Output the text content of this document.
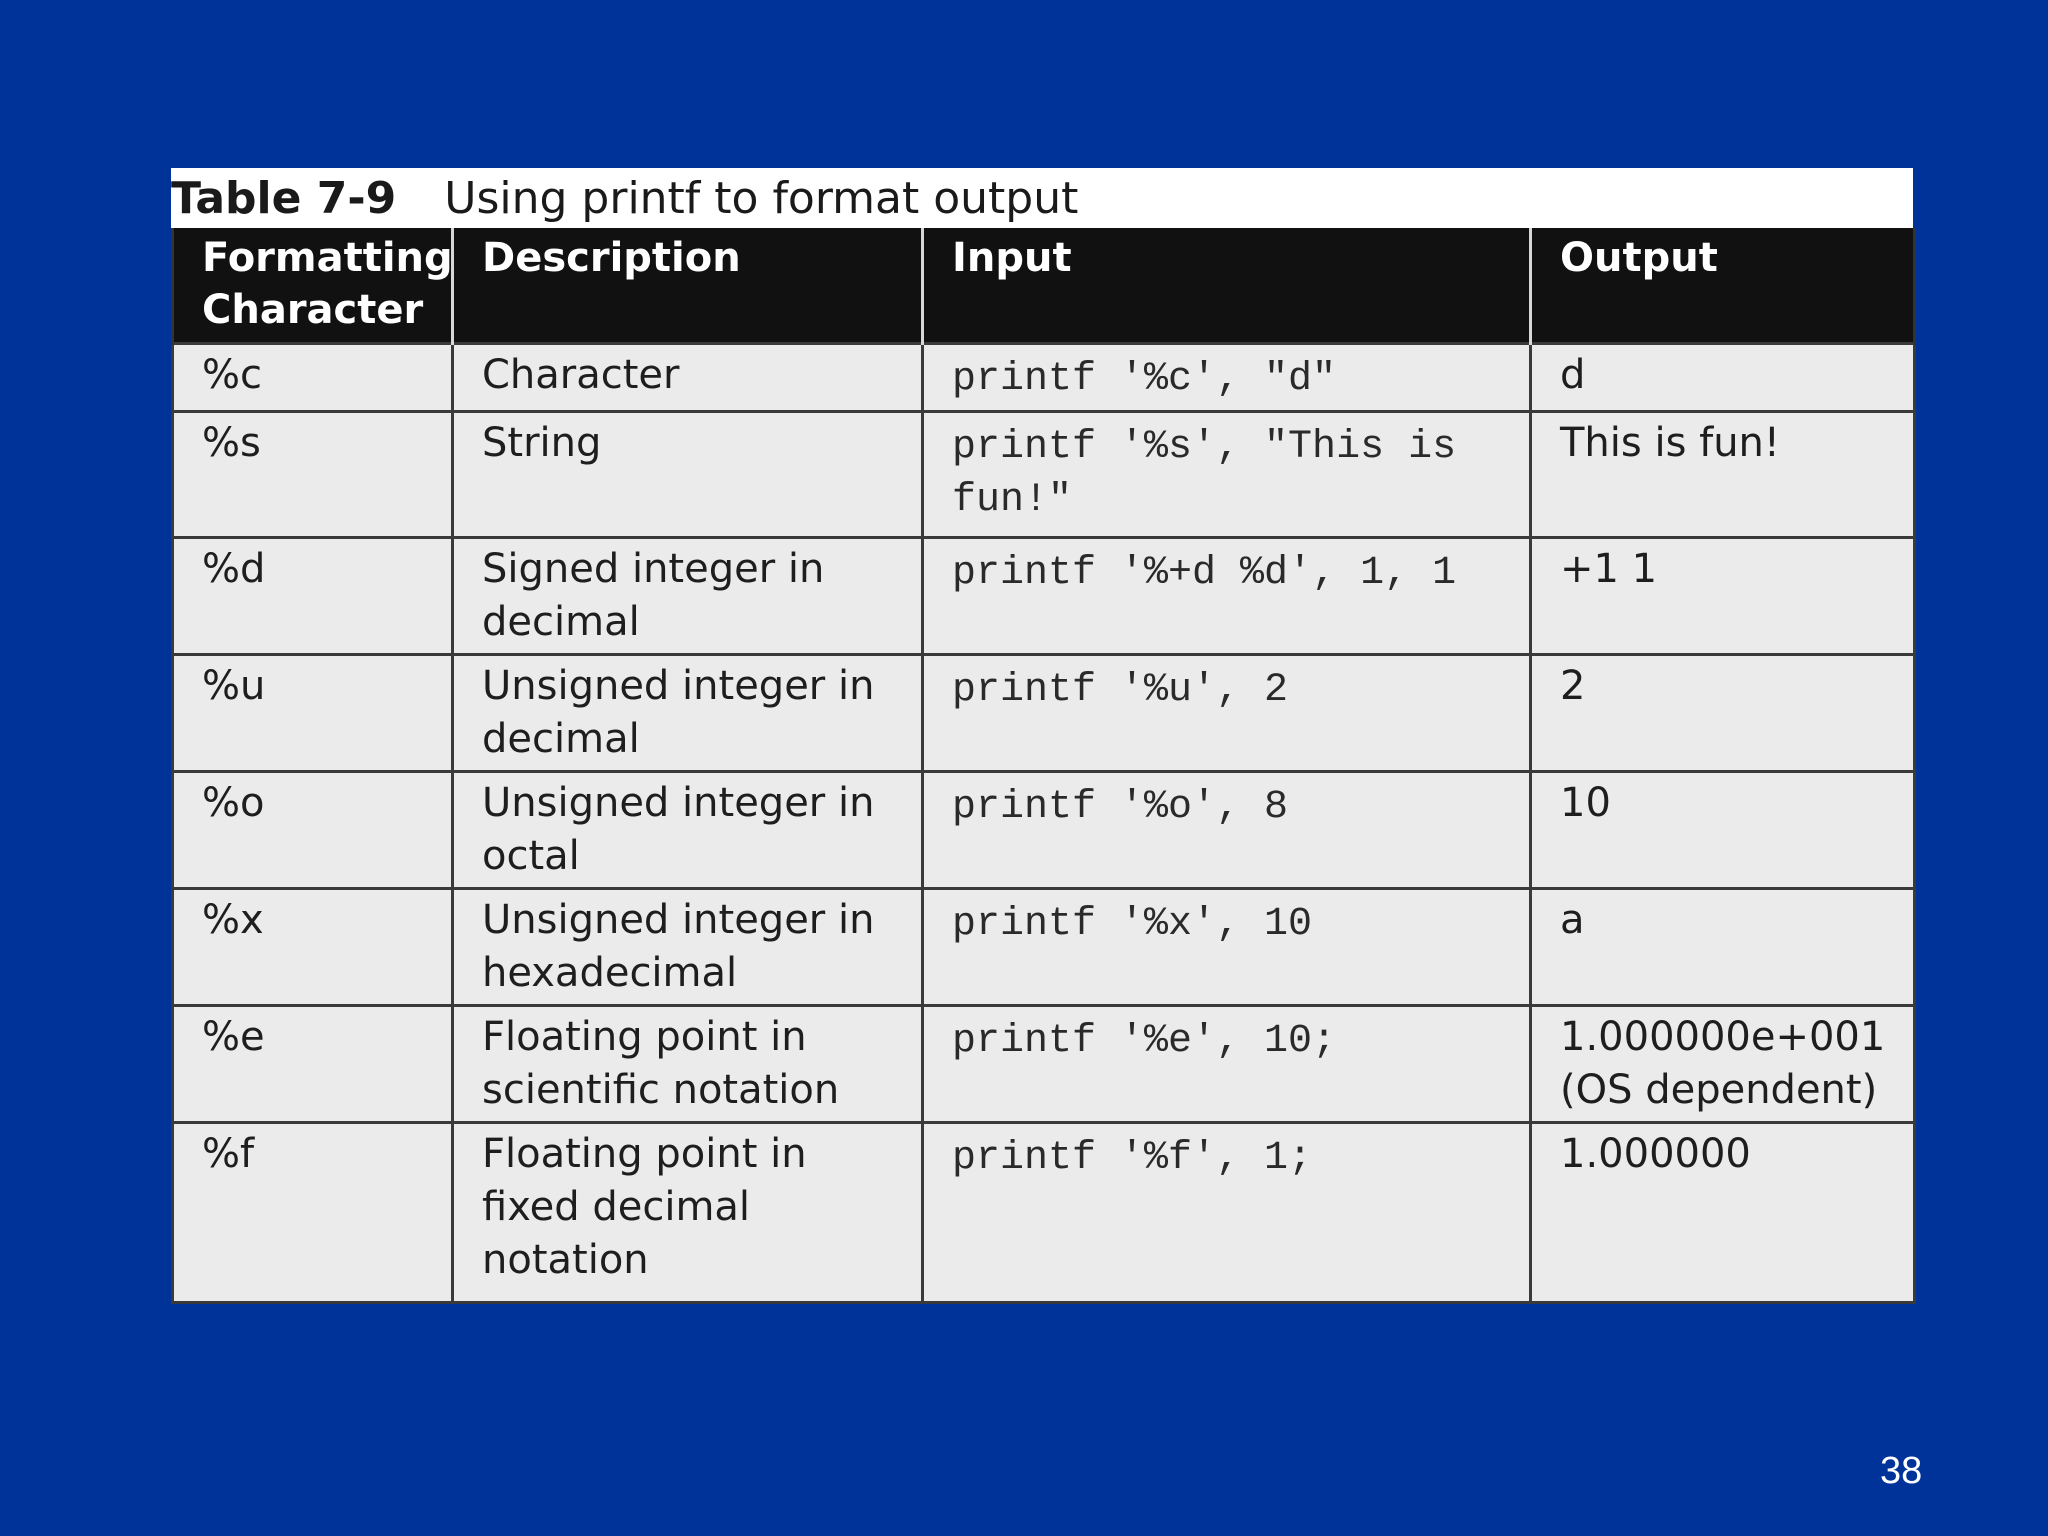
Table 7-9 Using printf to format output
Formatting Character	Description	Input	Output
%c	Character	printf '%c', "d"	d
%s	String	printf '%s', "This is fun!"	This is fun!
%d	Signed integer in decimal	printf '%+d %d', 1, 1	+1 1
%u	Unsigned integer in decimal	printf '%u', 2	2
%o	Unsigned integer in octal	printf '%o', 8	10
%x	Unsigned integer in hexadecimal	printf '%x', 10	a
%e	Floating point in scientific notation	printf '%e', 10;	1.000000e+001 (OS dependent)
%f	Floating point in fixed decimal notation	printf '%f', 1;	1.000000
38
